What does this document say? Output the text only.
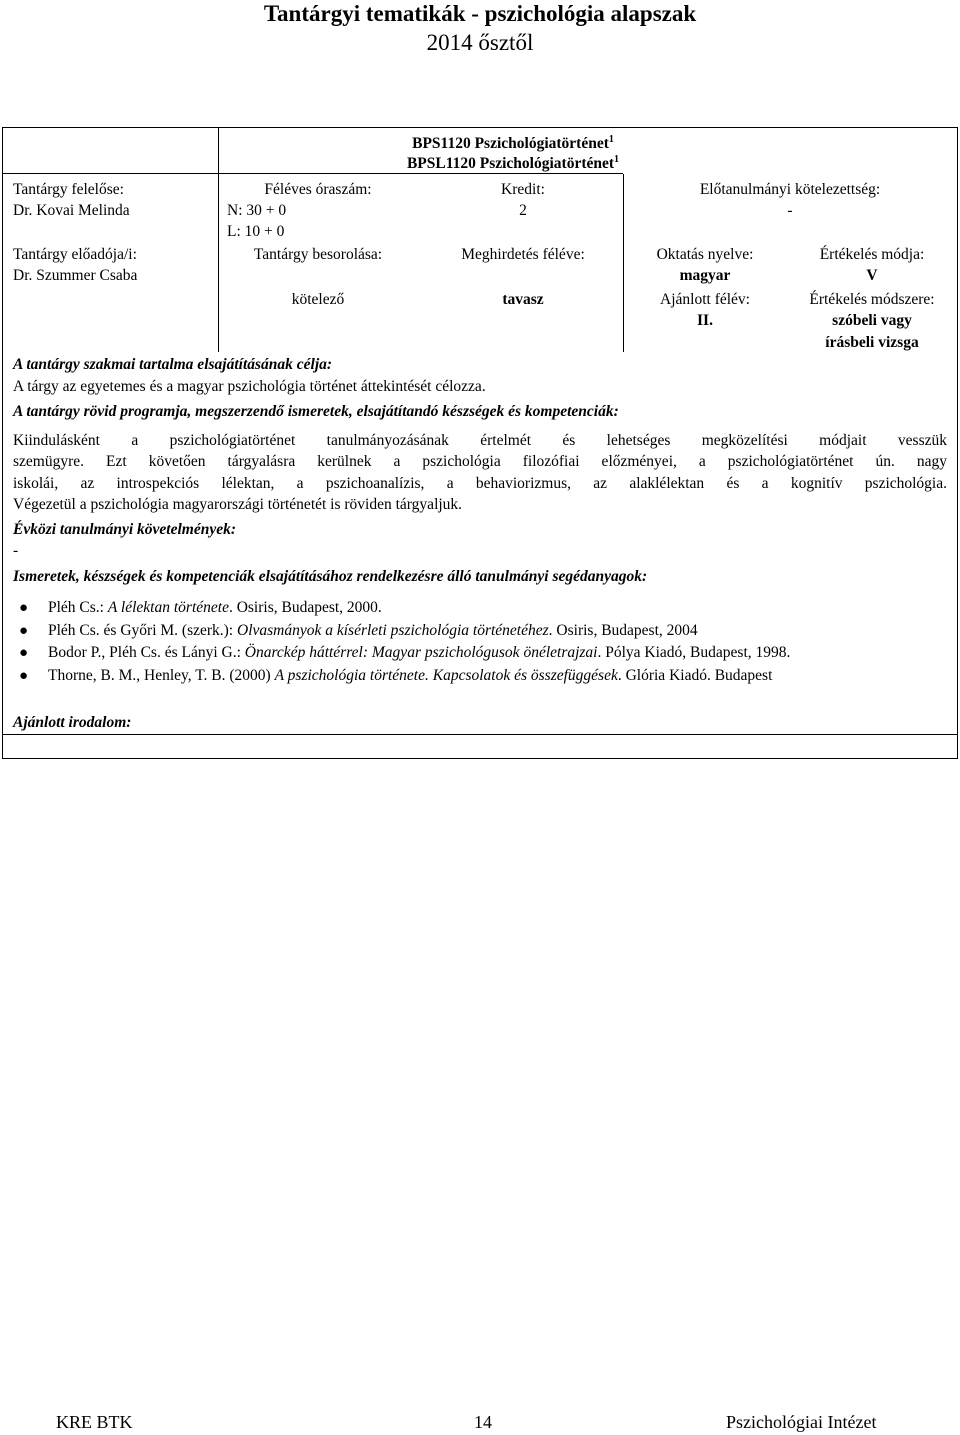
Tantárgyi tematikák - pszichológia alapszak
2014 ősztől
BPS1120 Pszichológiatörténet$^1$
BPSL1120 Pszichológiatörténet$^1$
Tantárgy felelőse:
Dr. Kovai Melinda
Tantárgy előadója/i:
Dr. Szummer Csaba
Féléves óraszám:
N: 30 + 0
L: 10 + 0
Kredit:
2
Előtanulmányi kötelezettség:
-
Tantárgy besorolása:
kötelező
Meghirdetés féléve:
tavasz
Oktatás nyelve:
magyar
Ajánlott félév:
II.
Értékelés módja:
V
Értékelés módszere:
szóbeli vagy
írásbeli vizsga
A tantárgy szakmai tartalma elsajátításának célja:
A tárgy az egyetemes és a magyar pszichológia történet áttekintését célozza.
A tantárgy rövid programja, megszerzendő ismeretek, elsajátítandó készségek és kompetenciák:
Kiindulásként a pszichológiatörténet tanulmányozásának értelmét és lehetséges megközelítési módjait vesszük
szemügyre. Ezt követően tárgyalásra kerülnek a pszichológia filozófiai előzményei, a pszichológiatörténet ún. nagy
iskolái, az introspekciós lélektan, a pszichoanalízis, a behaviorizmus, az alaklélektan és a kognitív pszichológia.
Végezetül a pszichológia magyarországi történetét is röviden tárgyaljuk.
Évközi tanulmányi követelmények:
-
Ismeretek, készségek és kompetenciák elsajátításához rendelkezésre álló tanulmányi segédanyagok:
● Pléh Cs.: A lélektan története. Osiris, Budapest, 2000.
● Pléh Cs. és Győri M. (szerk.): Olvasmányok a kísérleti pszichológia történetéhez. Osiris, Budapest, 2004
● Bodor P., Pléh Cs. és Lányi G.: Önarckép háttérrel: Magyar pszichológusok önéletrajzai. Pólya Kiadó, Budapest, 1998.
● Thorne, B. M., Henley, T. B. (2000) A pszichológia története. Kapcsolatok és összefüggések. Glória Kiadó. Budapest
Ajánlott irodalom:
KRE BTK	14	Pszichológiai Intézet
